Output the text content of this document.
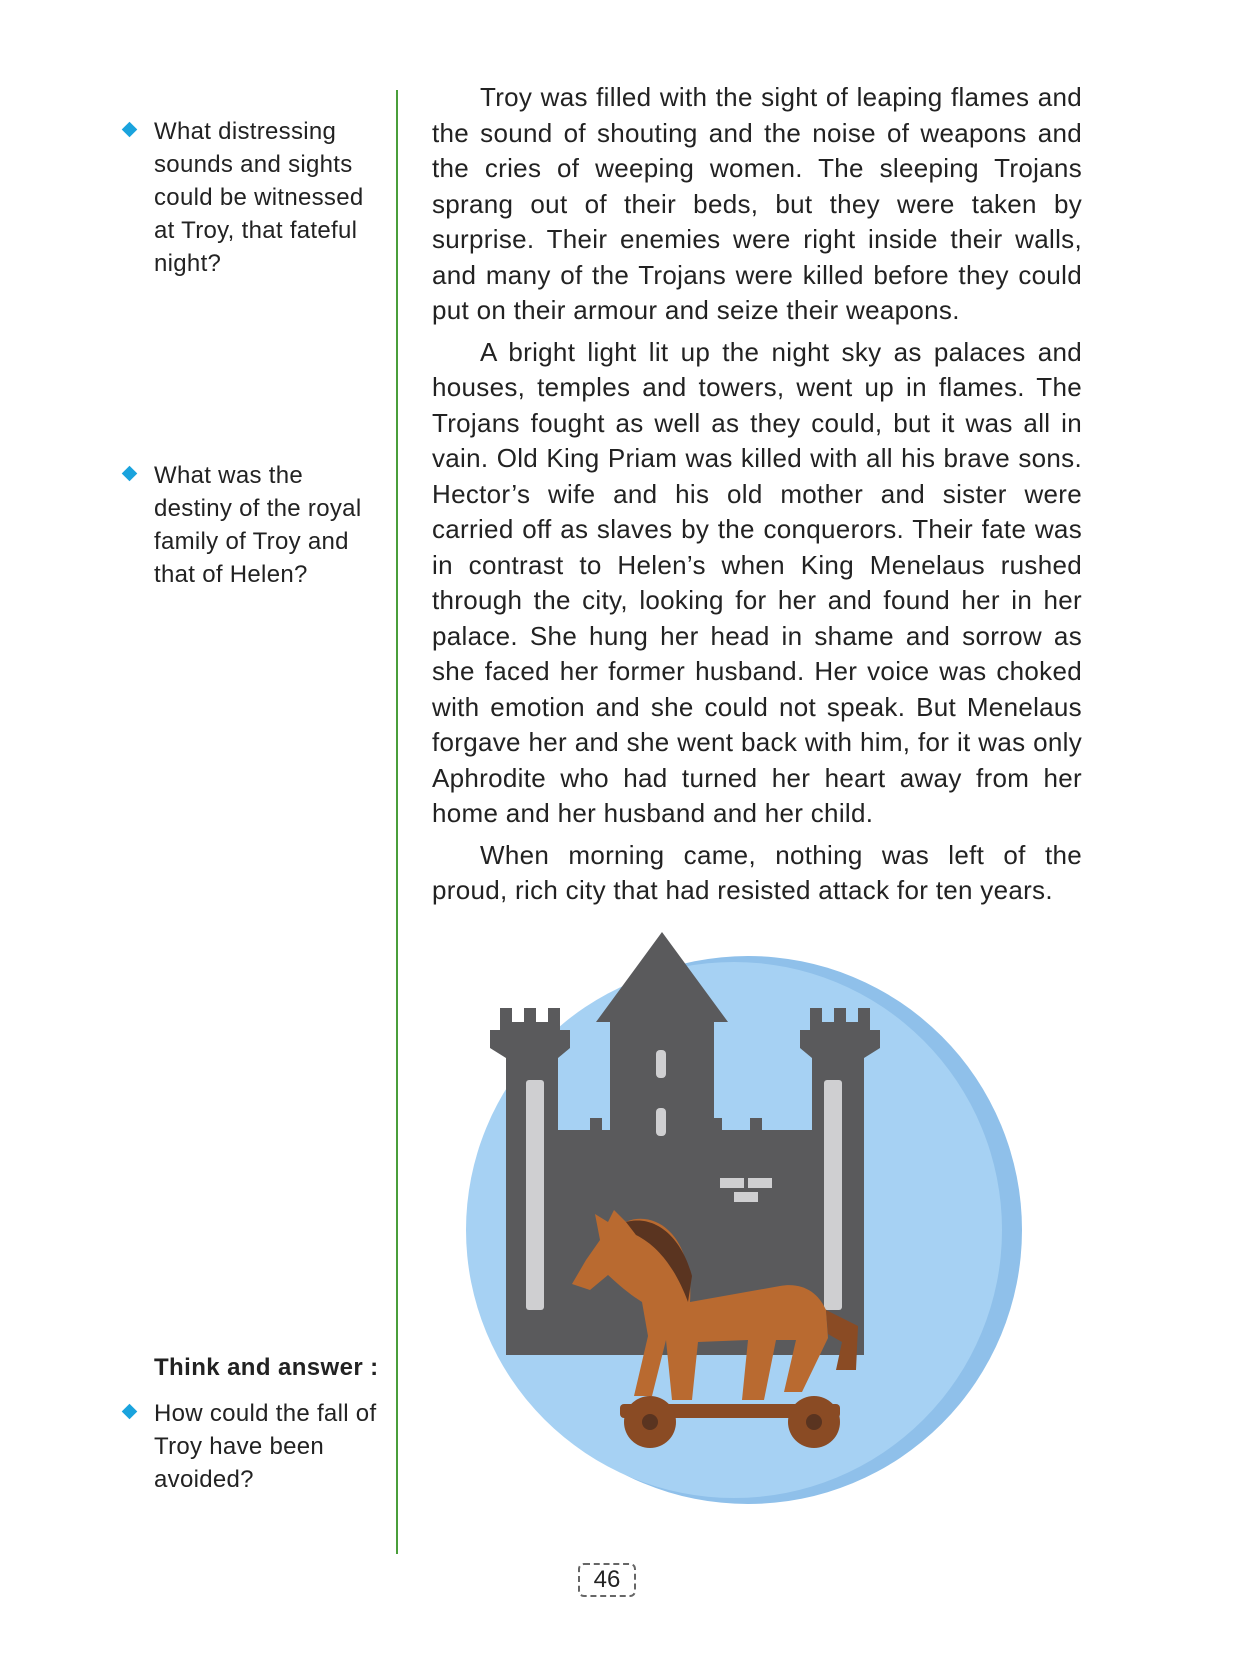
What distressing sounds and sights could be witnessed at Troy, that fateful night?
What was the destiny of the royal family of Troy and that of Helen?
Think and answer :
How could the fall of Troy have been avoided?

Troy was filled with the sight of leaping flames and the sound of shouting and the noise of weapons and the cries of weeping women. The sleeping Trojans sprang out of their beds, but they were taken by surprise. Their enemies were right inside their walls, and many of the Trojans were killed before they could put on their armour and seize their weapons.

A bright light lit up the night sky as palaces and houses, temples and towers, went up in flames. The Trojans fought as well as they could, but it was all in vain. Old King Priam was killed with all his brave sons. Hector’s wife and his old mother and sister were carried off as slaves by the conquerors. Their fate was in contrast to Helen’s when King Menelaus rushed through the city, looking for her and found her in her palace. She hung her head in shame and sorrow as she faced her former husband. Her voice was choked with emotion and she could not speak. But Menelaus forgave her and she went back with him, for it was only Aphrodite who had turned her heart away from her home and her husband and her child.

When morning came, nothing was left of the proud, rich city that had resisted attack for ten years.

46
